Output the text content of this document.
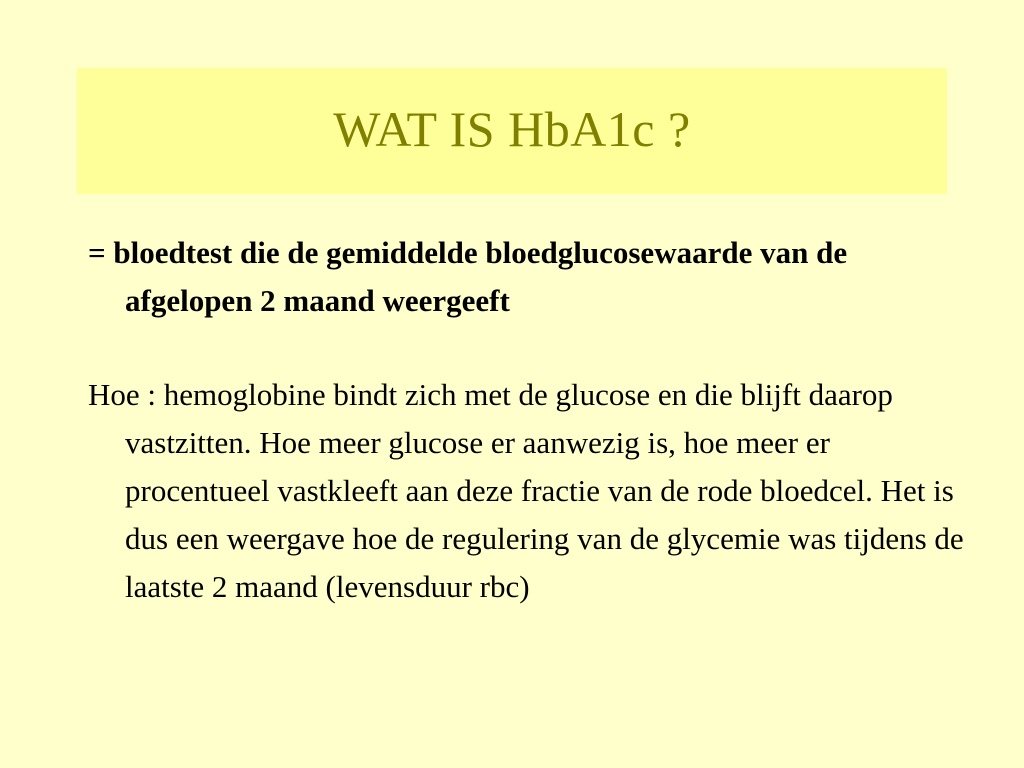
WAT IS HbA1c ?

= bloedtest die de gemiddelde bloedglucosewaarde van de afgelopen 2 maand weergeeft

Hoe : hemoglobine bindt zich met de glucose en die blijft daarop vastzitten. Hoe meer glucose er aanwezig is, hoe meer er procentueel vastkleeft aan deze fractie van de rode bloedcel. Het is dus een weergave hoe de regulering van de glycemie was tijdens de laatste 2 maand (levensduur rbc)
